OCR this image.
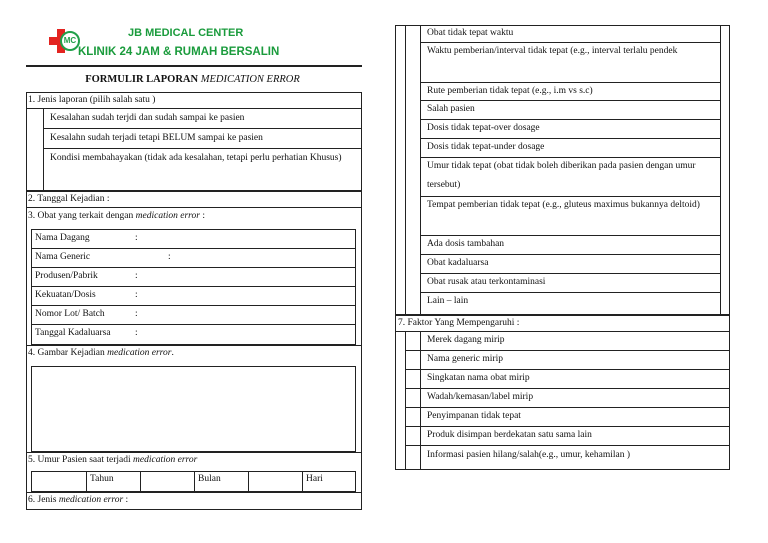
MC
JB MEDICAL CENTER
KLINIK 24 JAM & RUMAH BERSALIN
FORMULIR LAPORAN MEDICATION ERROR
1. Jenis laporan (pilih salah satu )
Kesalahan sudah terjdi dan sudah sampai ke pasien
Kesalahn sudah terjadi tetapi BELUM sampai ke pasien
Kondisi membahayakan (tidak ada kesalahan, tetapi perlu perhatian Khusus)
2. Tanggal Kejadian :
3. Obat yang terkait dengan medication error :
Nama Dagang	:
Nama Generic	:
Produsen/Pabrik	:
Kekuatan/Dosis	:
Nomor Lot/ Batch	:
Tanggal Kadaluarsa	:
4. Gambar Kejadian medication error.
5. Umur Pasien saat terjadi medication error
Tahun	Bulan	Hari
6. Jenis medication error :
Obat tidak tepat waktu
Waktu pemberian/interval tidak tepat (e.g., interval terlalu pendek
Rute pemberian tidak tepat (e.g., i.m vs s.c)
Salah pasien
Dosis tidak tepat-over dosage
Dosis tidak tepat-under dosage
Umur tidak tepat (obat tidak boleh diberikan pada pasien dengan umur tersebut)
Tempat pemberian tidak tepat (e.g., gluteus maximus bukannya deltoid)
Ada dosis tambahan
Obat kadaluarsa
Obat rusak atau terkontaminasi
Lain – lain
7. Faktor Yang Mempengaruhi :
Merek dagang mirip
Nama generic mirip
Singkatan nama obat mirip
Wadah/kemasan/label mirip
Penyimpanan tidak tepat
Produk disimpan berdekatan satu sama lain
Informasi pasien hilang/salah(e.g., umur, kehamilan )
